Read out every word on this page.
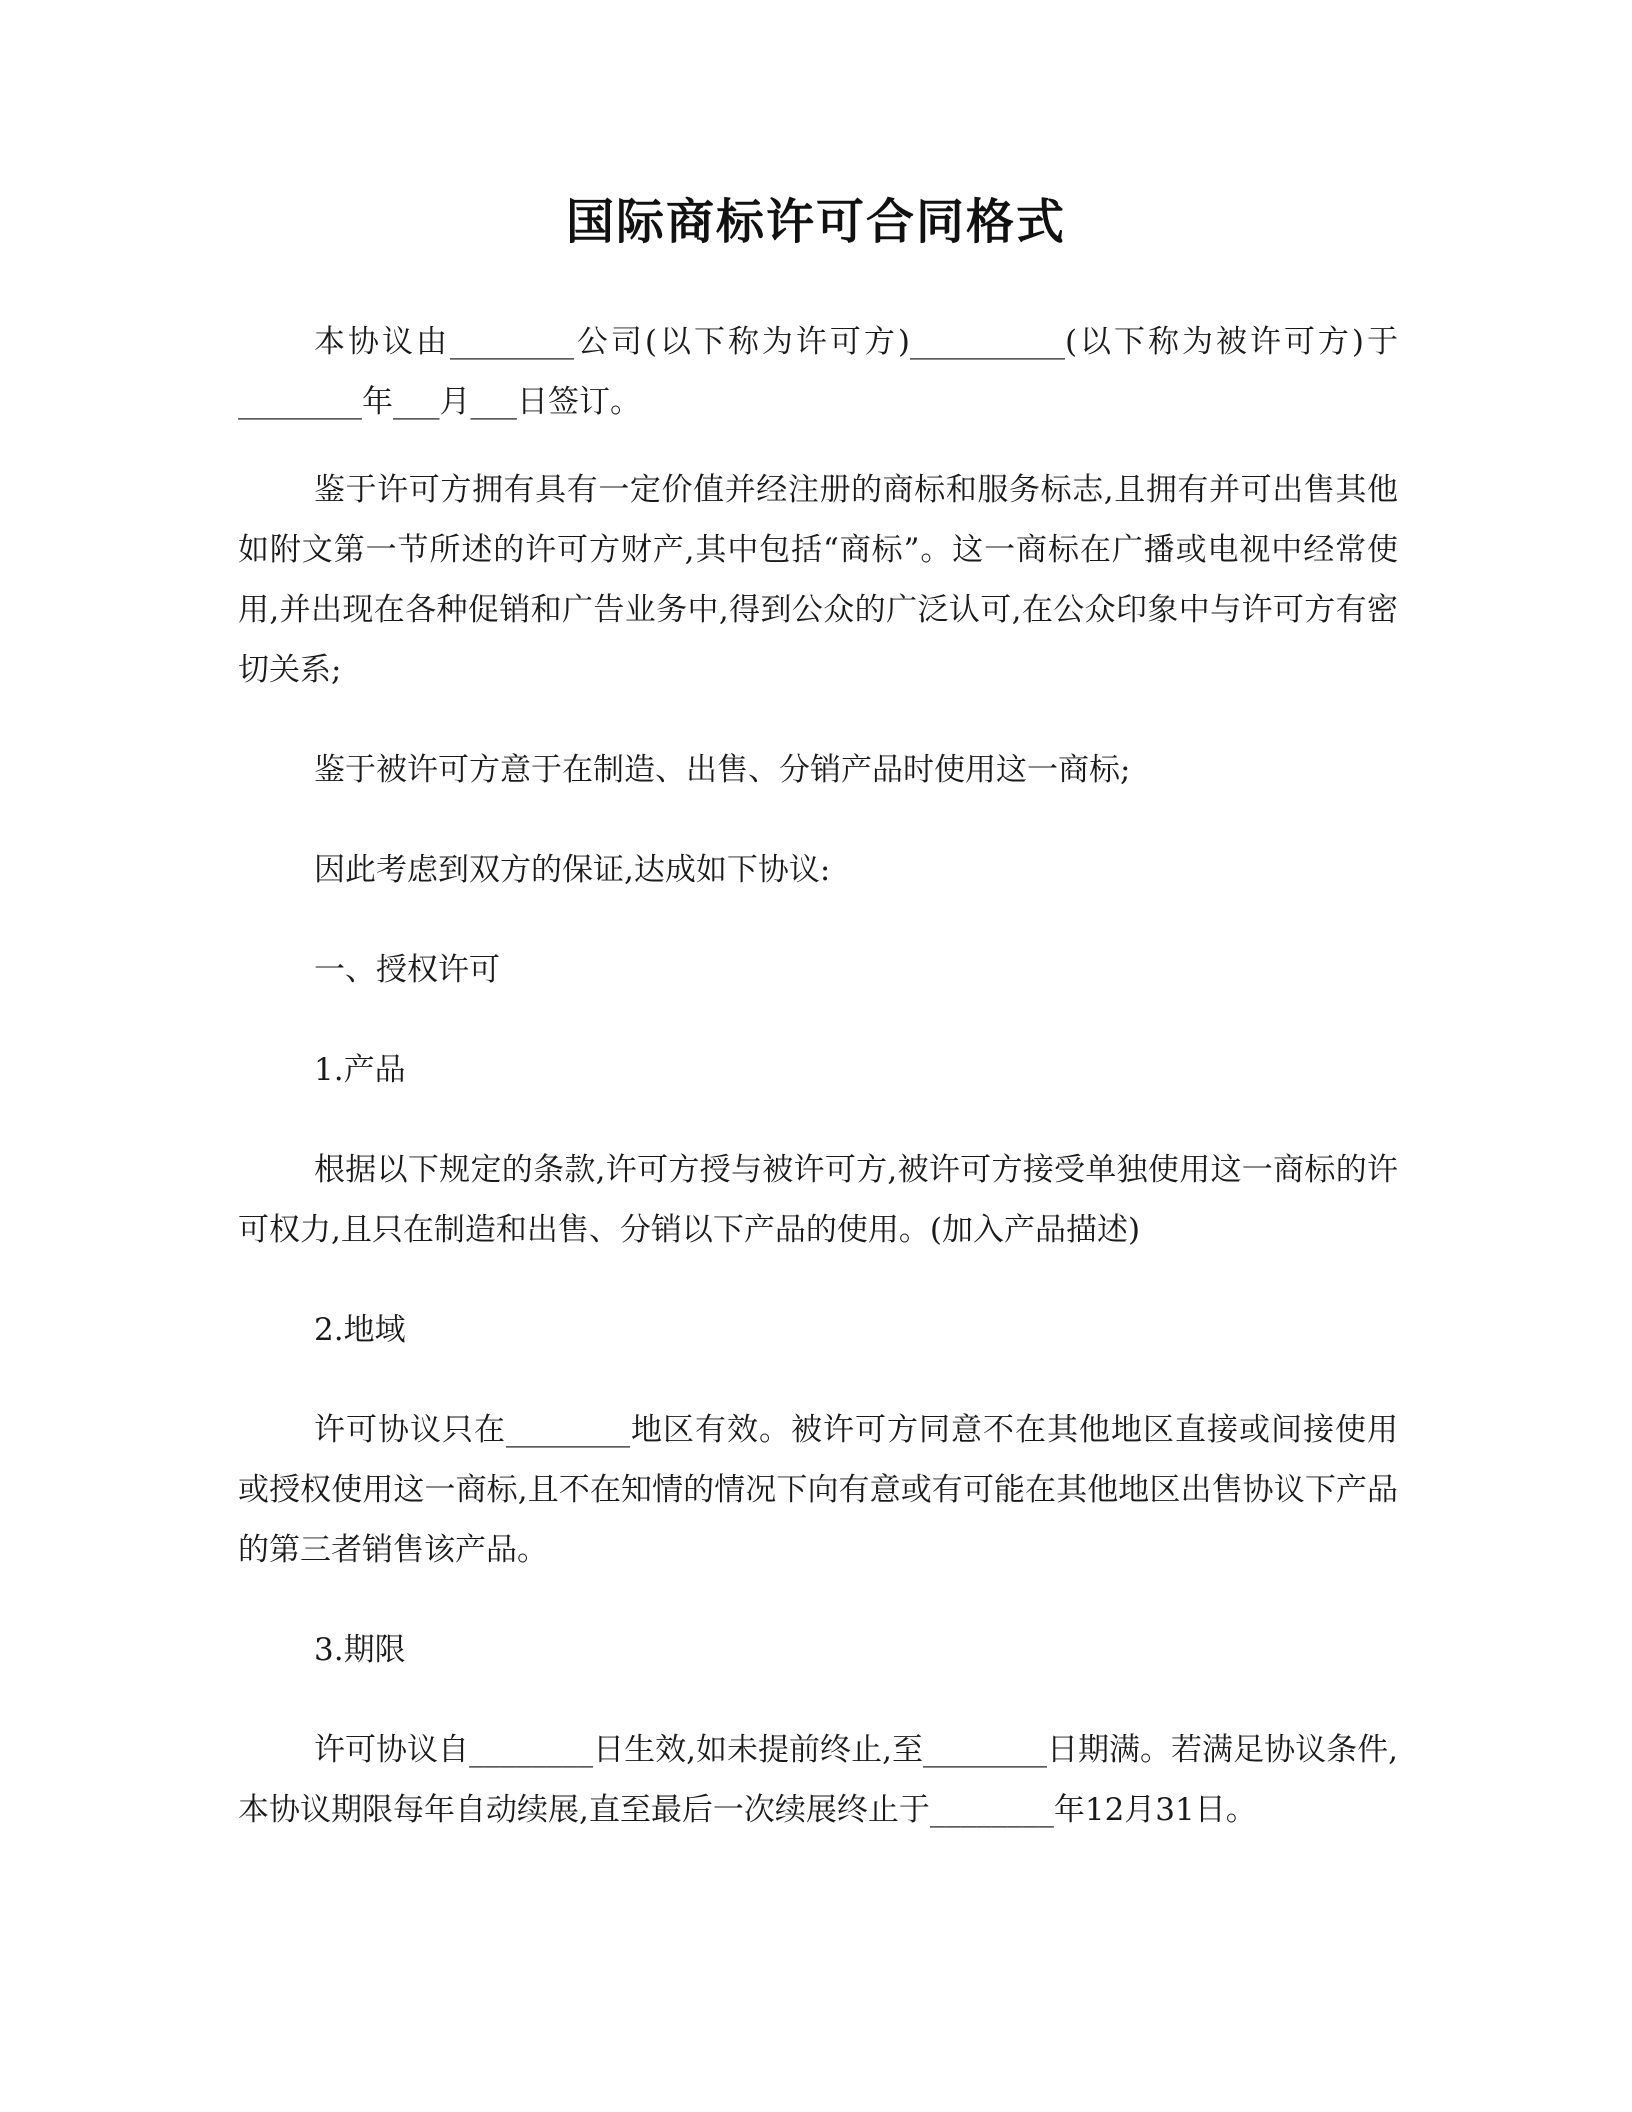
国际商标许可合同格式

本协议由________公司(以下称为许可方)__________(以下称为被许可方)于________年___月___日签订。

鉴于许可方拥有具有一定价值并经注册的商标和服务标志,且拥有并可出售其他如附文第一节所述的许可方财产,其中包括“商标”。这一商标在广播或电视中经常使用,并出现在各种促销和广告业务中,得到公众的广泛认可,在公众印象中与许可方有密切关系;

鉴于被许可方意于在制造、出售、分销产品时使用这一商标;

因此考虑到双方的保证,达成如下协议:

一、授权许可

1.产品

根据以下规定的条款,许可方授与被许可方,被许可方接受单独使用这一商标的许可权力,且只在制造和出售、分销以下产品的使用。(加入产品描述)

2.地域

许可协议只在________地区有效。被许可方同意不在其他地区直接或间接使用或授权使用这一商标,且不在知情的情况下向有意或有可能在其他地区出售协议下产品的第三者销售该产品。

3.期限

许可协议自________日生效,如未提前终止,至________日期满。若满足协议条件,本协议期限每年自动续展,直至最后一次续展终止于________年12月31日。
